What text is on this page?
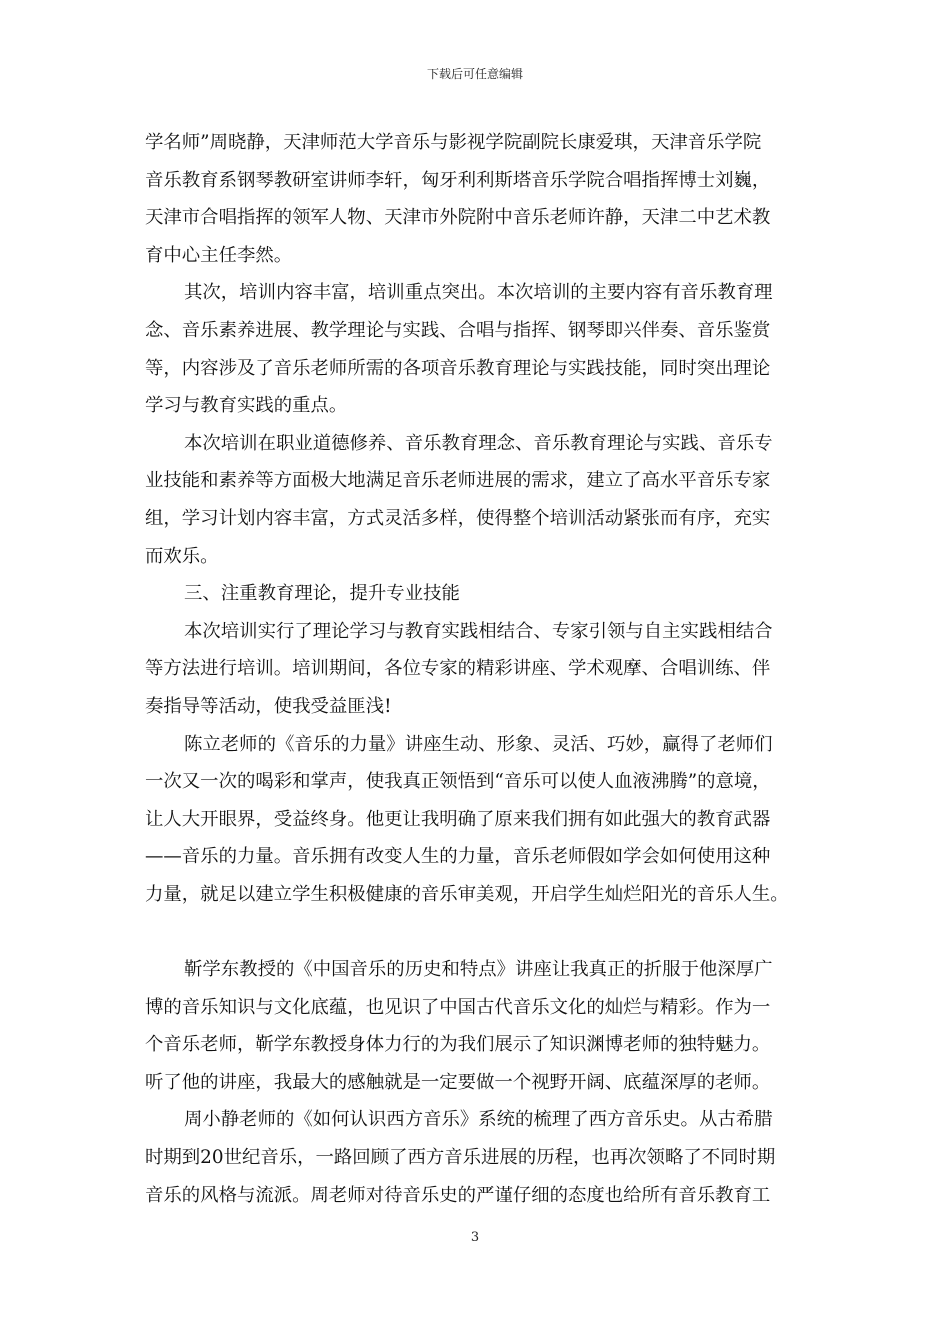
下载后可任意编辑
学名师”周晓静，天津师范大学音乐与影视学院副院长康爱琪，天津音乐学院
音乐教育系钢琴教研室讲师李轩，匈牙利利斯塔音乐学院合唱指挥博士刘巍，
天津市合唱指挥的领军人物、天津市外院附中音乐老师许静，天津二中艺术教
育中心主任李然。
其次，培训内容丰富，培训重点突出。本次培训的主要内容有音乐教育理
念、音乐素养进展、教学理论与实践、合唱与指挥、钢琴即兴伴奏、音乐鉴赏
等，内容涉及了音乐老师所需的各项音乐教育理论与实践技能，同时突出理论
学习与教育实践的重点。
本次培训在职业道德修养、音乐教育理念、音乐教育理论与实践、音乐专
业技能和素养等方面极大地满足音乐老师进展的需求，建立了高水平音乐专家
组，学习计划内容丰富，方式灵活多样，使得整个培训活动紧张而有序，充实
而欢乐。
三、注重教育理论，提升专业技能
本次培训实行了理论学习与教育实践相结合、专家引领与自主实践相结合
等方法进行培训。培训期间，各位专家的精彩讲座、学术观摩、合唱训练、伴
奏指导等活动，使我受益匪浅!
陈立老师的《音乐的力量》讲座生动、形象、灵活、巧妙，赢得了老师们
一次又一次的喝彩和掌声，使我真正领悟到“音乐可以使人血液沸腾”的意境，
让人大开眼界，受益终身。他更让我明确了原来我们拥有如此强大的教育武器
——音乐的力量。音乐拥有改变人生的力量，音乐老师假如学会如何使用这种
力量，就足以建立学生积极健康的音乐审美观，开启学生灿烂阳光的音乐人生。
靳学东教授的《中国音乐的历史和特点》讲座让我真正的折服于他深厚广
博的音乐知识与文化底蕴，也见识了中国古代音乐文化的灿烂与精彩。作为一
个音乐老师，靳学东教授身体力行的为我们展示了知识渊博老师的独特魅力。
听了他的讲座，我最大的感触就是一定要做一个视野开阔、底蕴深厚的老师。
周小静老师的《如何认识西方音乐》系统的梳理了西方音乐史。从古希腊
时期到20世纪音乐，一路回顾了西方音乐进展的历程，也再次领略了不同时期
音乐的风格与流派。周老师对待音乐史的严谨仔细的态度也给所有音乐教育工
3
